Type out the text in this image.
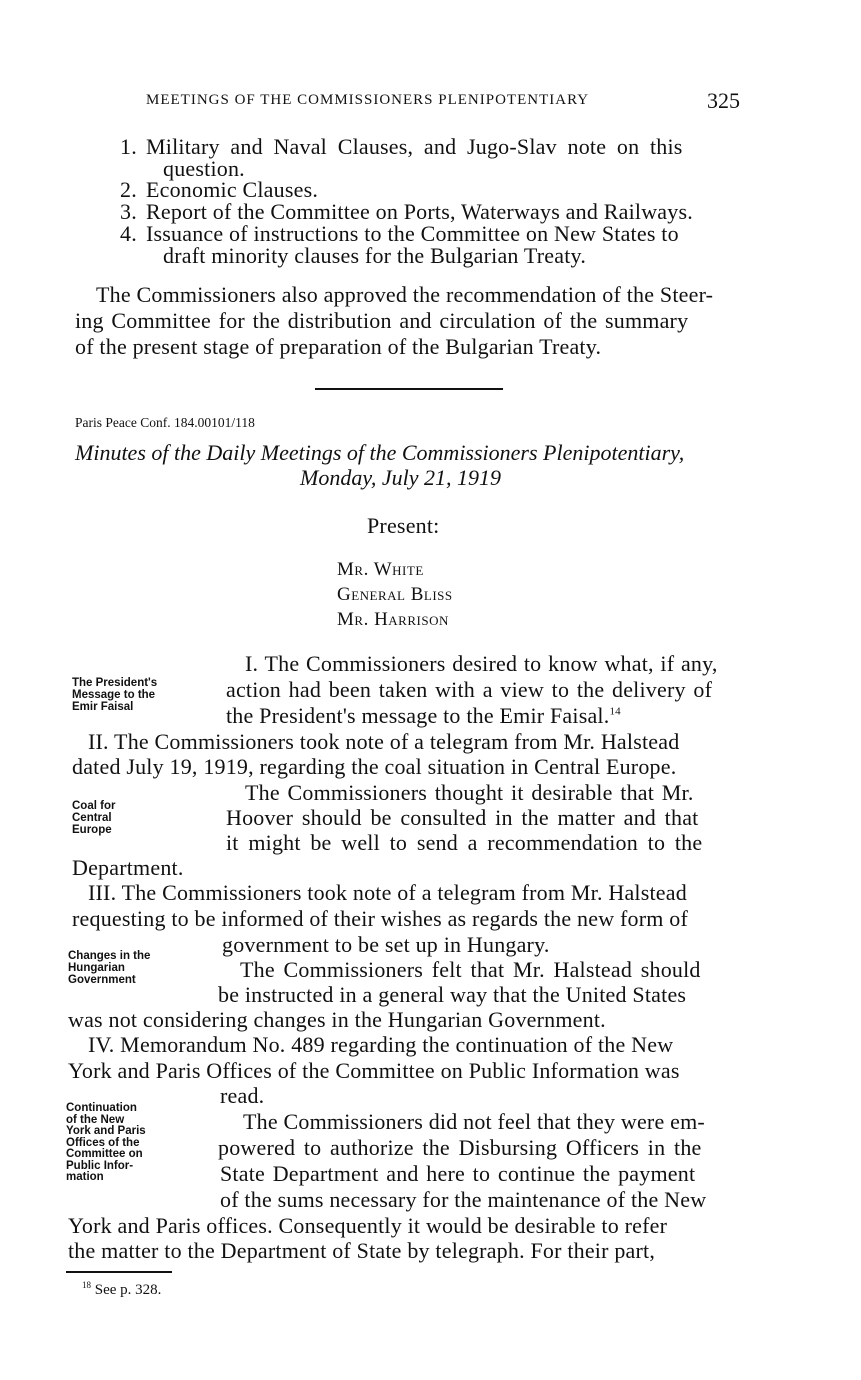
MEETINGS OF THE COMMISSIONERS PLENIPOTENTIARY	325
1. Military and Naval Clauses, and Jugo-Slav note on this
question.
2. Economic Clauses.
3. Report of the Committee on Ports, Waterways and Railways.
4. Issuance of instructions to the Committee on New States to
draft minority clauses for the Bulgarian Treaty.
The Commissioners also approved the recommendation of the Steer-
ing Committee for the distribution and circulation of the summary
of the present stage of preparation of the Bulgarian Treaty.
Paris Peace Conf. 184.00101/118
Minutes of the Daily Meetings of the Commissioners Plenipotentiary,
Monday, July 21, 1919
Present:
Mr. White
General Bliss
Mr. Harrison
The President's
Message to the
Emir Faisal
Coal for
Central
Europe
Changes in the
Hungarian
Government
Continuation
of the New
York and Paris
Offices of the
Committee on
Public Infor-
mation
I. The Commissioners desired to know what, if any,
action had been taken with a view to the delivery of
the President's message to the Emir Faisal.$^{14}$
II. The Commissioners took note of a telegram from Mr. Halstead
dated July 19, 1919, regarding the coal situation in Central Europe.
The Commissioners thought it desirable that Mr.
Hoover should be consulted in the matter and that
it might be well to send a recommendation to the
Department.
III. The Commissioners took note of a telegram from Mr. Halstead
requesting to be informed of their wishes as regards the new form of
government to be set up in Hungary.
The Commissioners felt that Mr. Halstead should
be instructed in a general way that the United States
was not considering changes in the Hungarian Government.
IV. Memorandum No. 489 regarding the continuation of the New
York and Paris Offices of the Committee on Public Information was
read.
The Commissioners did not feel that they were em-
powered to authorize the Disbursing Officers in the
State Department and here to continue the payment
of the sums necessary for the maintenance of the New
York and Paris offices. Consequently it would be desirable to refer
the matter to the Department of State by telegraph. For their part,
$^{18}$ See p. 328.
